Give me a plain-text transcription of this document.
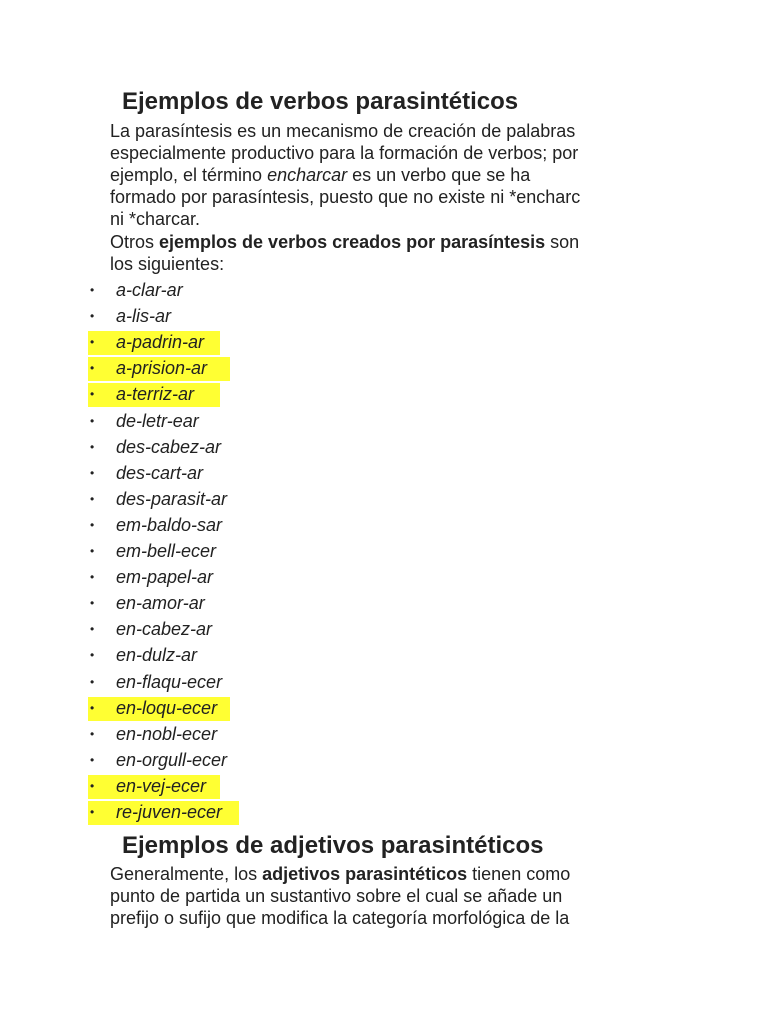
Ejemplos de verbos parasintéticos

La parasíntesis es un mecanismo de creación de palabras
especialmente productivo para la formación de verbos; por
ejemplo, el término encharcar es un verbo que se ha
formado por parasíntesis, puesto que no existe ni *encharc
ni *charcar.

Otros ejemplos de verbos creados por parasíntesis son
los siguientes:

• a-clar-ar
• a-lis-ar
• a-padrin-ar
• a-prision-ar
• a-terriz-ar
• de-letr-ear
• des-cabez-ar
• des-cart-ar
• des-parasit-ar
• em-baldo-sar
• em-bell-ecer
• em-papel-ar
• en-amor-ar
• en-cabez-ar
• en-dulz-ar
• en-flaqu-ecer
• en-loqu-ecer
• en-nobl-ecer
• en-orgull-ecer
• en-vej-ecer
• re-juven-ecer
Ejemplos de adjetivos parasintéticos

Generalmente, los adjetivos parasintéticos tienen como
punto de partida un sustantivo sobre el cual se añade un
prefijo o sufijo que modifica la categoría morfológica de la
